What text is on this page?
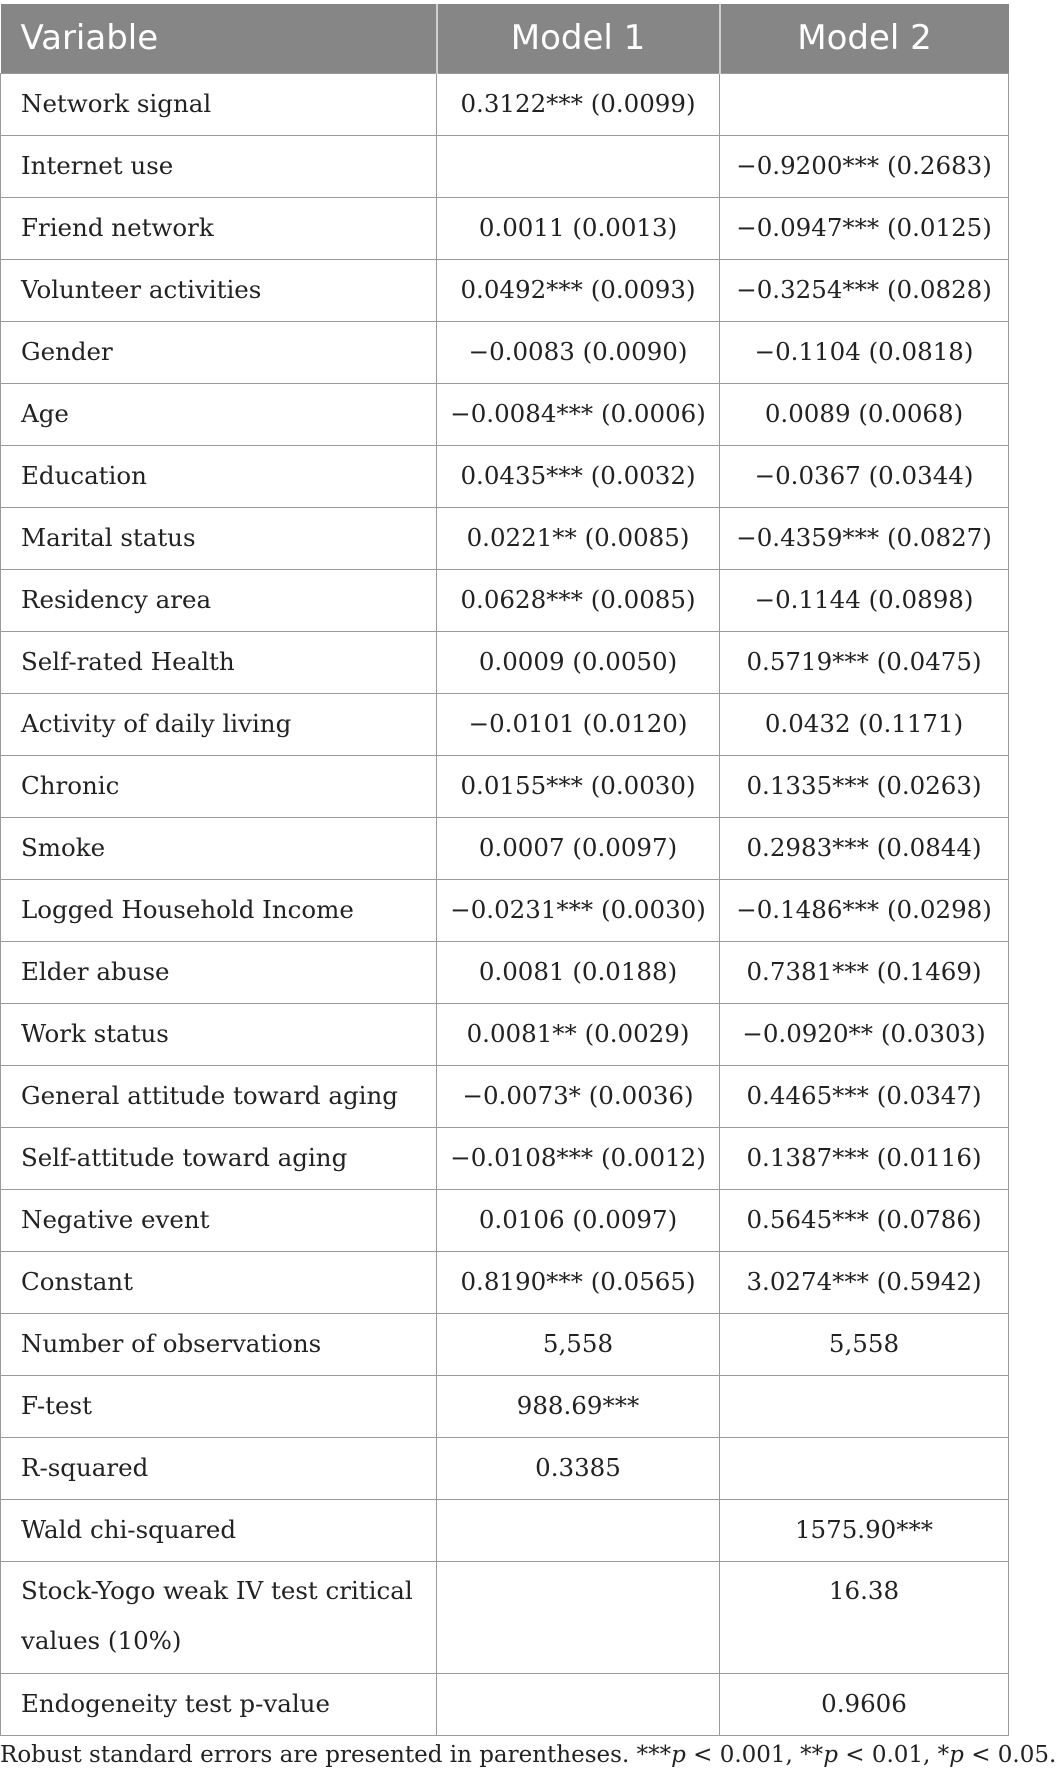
Variable	Model 1	Model 2
Network signal	0.3122*** (0.0099)	
Internet use		−0.9200*** (0.2683)
Friend network	0.0011 (0.0013)	−0.0947*** (0.0125)
Volunteer activities	0.0492*** (0.0093)	−0.3254*** (0.0828)
Gender	−0.0083 (0.0090)	−0.1104 (0.0818)
Age	−0.0084*** (0.0006)	0.0089 (0.0068)
Education	0.0435*** (0.0032)	−0.0367 (0.0344)
Marital status	0.0221** (0.0085)	−0.4359*** (0.0827)
Residency area	0.0628*** (0.0085)	−0.1144 (0.0898)
Self-rated Health	0.0009 (0.0050)	0.5719*** (0.0475)
Activity of daily living	−0.0101 (0.0120)	0.0432 (0.1171)
Chronic	0.0155*** (0.0030)	0.1335*** (0.0263)
Smoke	0.0007 (0.0097)	0.2983*** (0.0844)
Logged Household Income	−0.0231*** (0.0030)	−0.1486*** (0.0298)
Elder abuse	0.0081 (0.0188)	0.7381*** (0.1469)
Work status	0.0081** (0.0029)	−0.0920** (0.0303)
General attitude toward aging	−0.0073* (0.0036)	0.4465*** (0.0347)
Self-attitude toward aging	−0.0108*** (0.0012)	0.1387*** (0.0116)
Negative event	0.0106 (0.0097)	0.5645*** (0.0786)
Constant	0.8190*** (0.0565)	3.0274*** (0.5942)
Number of observations	5,558	5,558
F-test	988.69***	
R-squared	0.3385	
Wald chi-squared		1575.90***
Stock-Yogo weak IV test critical values (10%)		16.38
Endogeneity test p-value		0.9606
Robust standard errors are presented in parentheses. ***p < 0.001, **p < 0.01, *p < 0.05.
